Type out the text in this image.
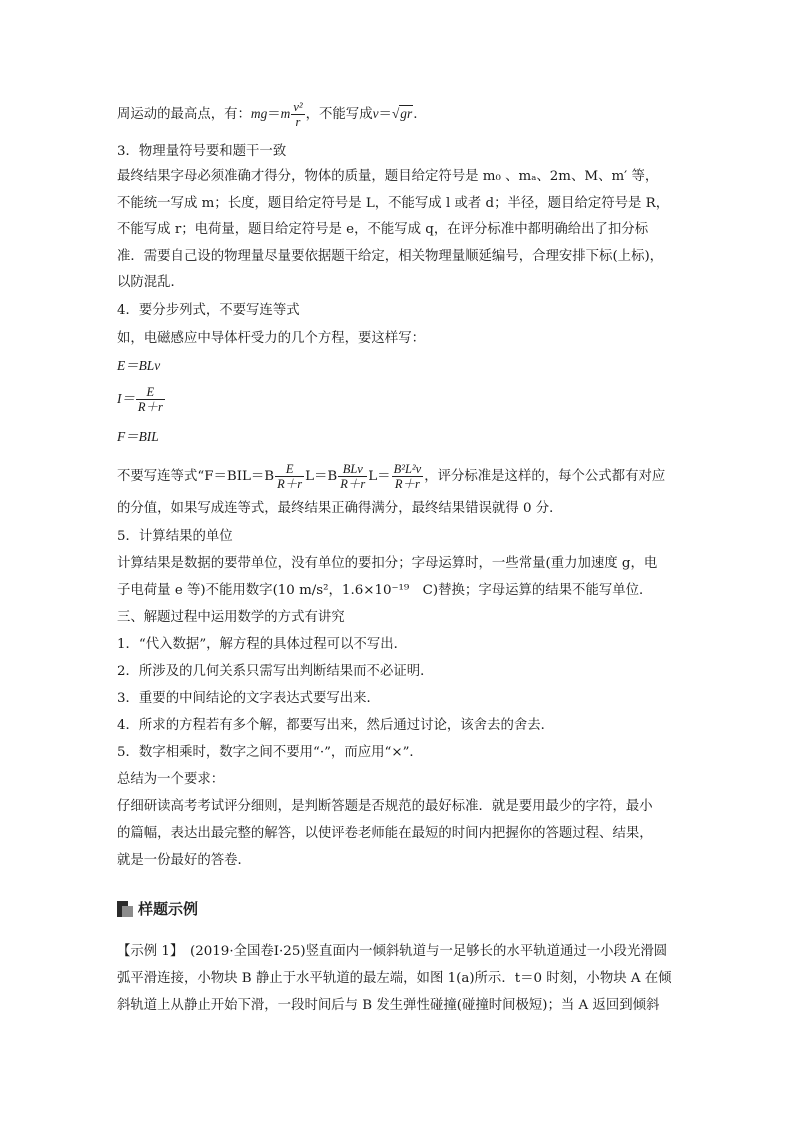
周运动的最高点，有：$mg=m \frac{\text{v²}}{r}$ ，不能写成v＝√gr.
3．物理量符号要和题干一致
最终结果字母必须准确才得分，物体的质量，题目给定符号是 m₀ 、mₐ、2m、M、m′ 等，
不能统一写成 m；长度，题目给定符号是 L，不能写成 l 或者 d；半径，题目给定符号是 R，
不能写成 r；电荷量，题目给定符号是 e，不能写成 q，在评分标准中都明确给出了扣分标
准．需要自己设的物理量尽量要依据题干给定，相关物理量顺延编号，合理安排下标(上标)，
以防混乱．
4．要分步列式，不要写连等式
如，电磁感应中导体杆受力的几个方程，要这样写：
E＝BLv
$I= \frac{E}{R+r}$
F＝BIL
不要写连等式“$F=BIL=B \frac{E}{R+r} L=B \frac{\text{BLv}}{R+r} L= \frac{\text{B²L²v}}{R+r}$ ，评分标准是这样的，每个公式都有对应
的分值，如果写成连等式，最终结果正确得满分，最终结果错误就得 0 分．
5．计算结果的单位
计算结果是数据的要带单位，没有单位的要扣分；字母运算时，一些常量(重力加速度 g，电
子电荷量 e 等)不能用数字(10 m/s²，1.6×10⁻¹⁹　C)替换；字母运算的结果不能写单位．
三、解题过程中运用数学的方式有讲究
1．“代入数据”，解方程的具体过程可以不写出．
2．所涉及的几何关系只需写出判断结果而不必证明．
3．重要的中间结论的文字表达式要写出来．
4．所求的方程若有多个解，都要写出来，然后通过讨论，该舍去的舍去．
5．数字相乘时，数字之间不要用“·”，而应用“×”．
总结为一个要求：
仔细研读高考考试评分细则，是判断答题是否规范的最好标准．就是要用最少的字符，最小
的篇幅，表达出最完整的解答，以使评卷老师能在最短的时间内把握你的答题过程、结果，
就是一份最好的答卷．
样题示例
【示例 1】　(2019·全国卷Ⅰ·25)竖直面内一倾斜轨道与一足够长的水平轨道通过一小段光滑圆
弧平滑连接，小物块 B 静止于水平轨道的最左端，如图 1(a)所示．t＝0 时刻，小物块 A 在倾
斜轨道上从静止开始下滑，一段时间后与 B 发生弹性碰撞(碰撞时间极短)；当 A 返回到倾斜
